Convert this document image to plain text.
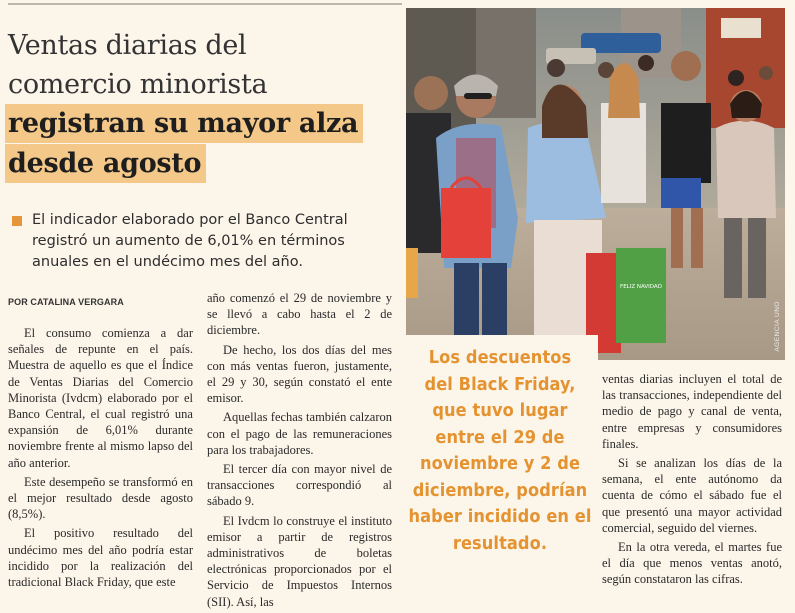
Ventas diarias del
comercio minorista
registran su mayor alza
desde agosto
El indicador elaborado por el Banco Central registró un aumento de 6,01% en términos anuales en el undécimo mes del año.
POR CATALINA VERGARA

El consumo comienza a dar señales de repunte en el país. Muestra de aquello es que el Índice de Ventas Diarias del Comercio Minorista (Ivdcm) elaborado por el Banco Central, el cual registró una expansión de 6,01% durante noviembre frente al mismo lapso del año anterior.

Este desempeño se transformó en el mejor resultado desde agosto (8,5%).

El positivo resultado del undécimo mes del año podría estar incidido por la realización del tradicional Black Friday, que este

año comenzó el 29 de noviembre y se llevó a cabo hasta el 2 de diciembre.

De hecho, los dos días del mes con más ventas fueron, justamente, el 29 y 30, según constató el ente emisor.

Aquellas fechas también calzaron con el pago de las remuneraciones para los trabajadores.

El tercer día con mayor nivel de transacciones correspondió al sábado 9.

El Ivdcm lo construye el instituto emisor a partir de registros administrativos de boletas electrónicas proporcionados por el Servicio de Impuestos Internos (SII). Así, las

FELIZ NAVIDAD
AGENCIA UNO
Los descuentos
del Black Friday,
que tuvo lugar
entre el 29 de
noviembre y 2 de
diciembre, podrían
haber incidido en el
resultado.

ventas diarias incluyen el total de las transacciones, independiente del medio de pago y canal de venta, entre empresas y consumidores finales.

Si se analizan los días de la semana, el ente autónomo da cuenta de cómo el sábado fue el que presentó una mayor actividad comercial, seguido del viernes.

En la otra vereda, el martes fue el día que menos ventas anotó, según constataron las cifras.
